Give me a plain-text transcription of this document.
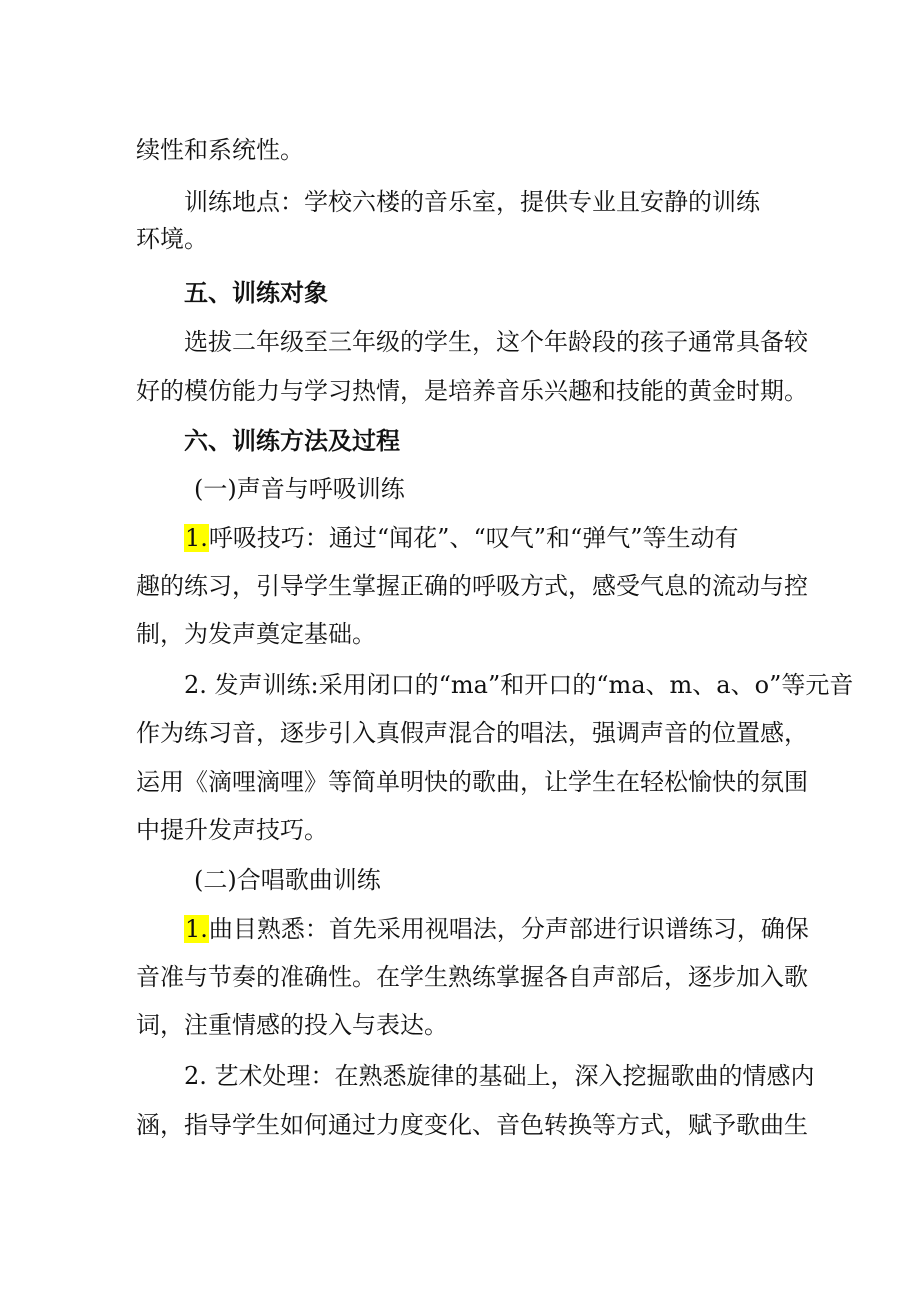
续性和系统性。
训练地点：学校六楼的音乐室，提供专业且安静的训练
环境。
五、训练对象
选拔二年级至三年级的学生，这个年龄段的孩子通常具备较
好的模仿能力与学习热情，是培养音乐兴趣和技能的黄金时期。
六、训练方法及过程
(一)声音与呼吸训练
1.呼吸技巧：通过“闻花”、“叹气”和“弹气”等生动有
趣的练习，引导学生掌握正确的呼吸方式，感受气息的流动与控
制，为发声奠定基础。
2. 发声训练:采用闭口的“ma”和开口的“ma、m、a、o”等元音
作为练习音，逐步引入真假声混合的唱法，强调声音的位置感，
运用《滴哩滴哩》等简单明快的歌曲，让学生在轻松愉快的氛围
中提升发声技巧。
(二)合唱歌曲训练
1.曲目熟悉：首先采用视唱法，分声部进行识谱练习，确保
音准与节奏的准确性。在学生熟练掌握各自声部后，逐步加入歌
词，注重情感的投入与表达。
2. 艺术处理：在熟悉旋律的基础上，深入挖掘歌曲的情感内
涵，指导学生如何通过力度变化、音色转换等方式，赋予歌曲生
